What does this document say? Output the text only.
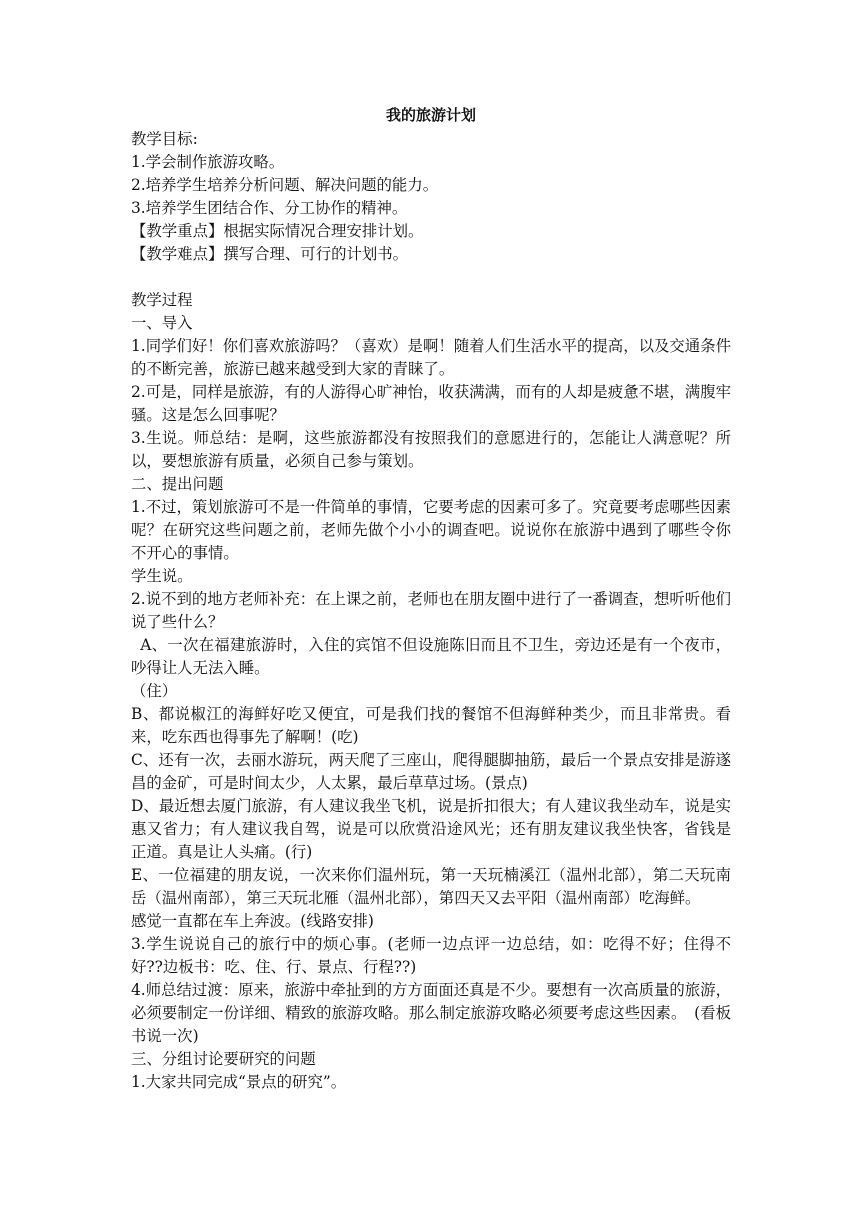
我的旅游计划
教学目标:
1.学会制作旅游攻略。
2.培养学生培养分析问题、解决问题的能力。
3.培养学生团结合作、分工协作的精神。
【教学重点】根据实际情况合理安排计划。
【教学难点】撰写合理、可行的计划书。
教学过程
一、导入
1.同学们好！你们喜欢旅游吗？（喜欢）是啊！随着人们生活水平的提高，以及交通条件的不断完善，旅游已越来越受到大家的青睐了。
2.可是，同样是旅游，有的人游得心旷神怡，收获满满，而有的人却是疲惫不堪，满腹牢骚。这是怎么回事呢？
3.生说。师总结：是啊，这些旅游都没有按照我们的意愿进行的，怎能让人满意呢？所以，要想旅游有质量，必须自己参与策划。
二、提出问题
1.不过，策划旅游可不是一件简单的事情，它要考虑的因素可多了。究竟要考虑哪些因素呢？在研究这些问题之前，老师先做个小小的调查吧。说说你在旅游中遇到了哪些令你不开心的事情。
学生说。
2.说不到的地方老师补充：在上课之前，老师也在朋友圈中进行了一番调查，想听听他们说了些什么？
A、一次在福建旅游时，入住的宾馆不但设施陈旧而且不卫生，旁边还是有一个夜市，吵得让人无法入睡。
（住）
B、都说椒江的海鲜好吃又便宜，可是我们找的餐馆不但海鲜种类少，而且非常贵。看来，吃东西也得事先了解啊！(吃)
C、还有一次，去丽水游玩，两天爬了三座山，爬得腿脚抽筋，最后一个景点安排是游遂昌的金矿，可是时间太少，人太累，最后草草过场。(景点)
D、最近想去厦门旅游，有人建议我坐飞机，说是折扣很大；有人建议我坐动车，说是实惠又省力；有人建议我自驾，说是可以欣赏沿途风光；还有朋友建议我坐快客，省钱是正道。真是让人头痛。(行)
E、一位福建的朋友说，一次来你们温州玩，第一天玩楠溪江（温州北部），第二天玩南岳（温州南部），第三天玩北雁（温州北部），第四天又去平阳（温州南部）吃海鲜。
感觉一直都在车上奔波。(线路安排)
3.学生说说自己的旅行中的烦心事。(老师一边点评一边总结，如：吃得不好；住得不好??边板书：吃、住、行、景点、行程??)
4.师总结过渡：原来，旅游中牵扯到的方方面面还真是不少。要想有一次高质量的旅游，必须要制定一份详细、精致的旅游攻略。那么制定旅游攻略必须要考虑这些因素。　(看板书说一次)
三、分组讨论要研究的问题
1.大家共同完成“景点的研究”。
